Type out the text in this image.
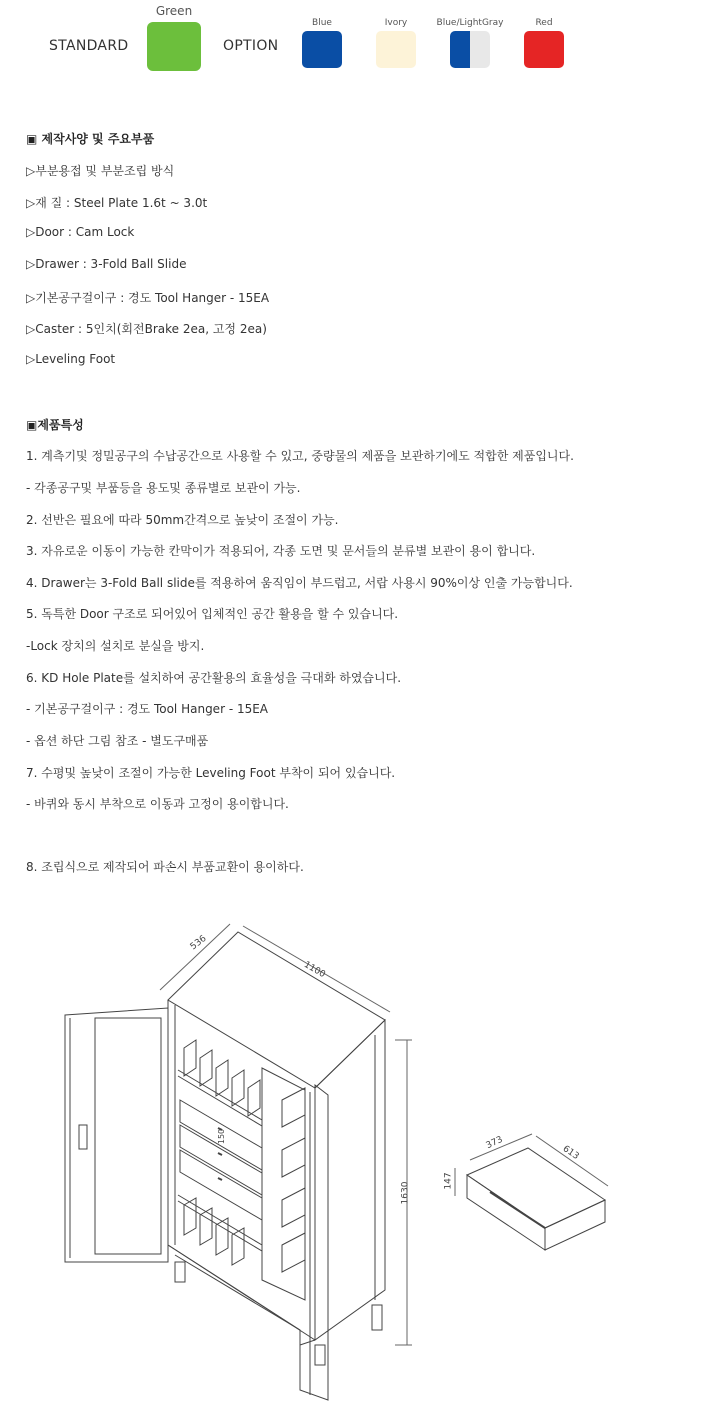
STANDARD
Green
OPTION
Blue	Ivory	Blue/LightGray	Red
▣ 제작사양 및 주요부품
▷부분용접 및 부분조립 방식
▷재 질 : Steel Plate 1.6t ~ 3.0t
▷Door : Cam Lock
▷Drawer : 3-Fold Ball Slide
▷기본공구걸이구 : 경도 Tool Hanger - 15EA
▷Caster : 5인치(회전Brake 2ea, 고정 2ea)
▷Leveling Foot
▣제품특성
1. 계측기및 정밀공구의 수납공간으로 사용할 수 있고, 중량물의 제품을 보관하기에도 적합한 제품입니다.
- 각종공구및 부품등을 용도및 종류별로 보관이 가능.
2. 선반은 필요에 따라 50mm간격으로 높낮이 조절이 가능.
3. 자유로운 이동이 가능한 칸막이가 적용되어, 각종 도면 및 문서들의 분류별 보관이 용이 합니다.
4. Drawer는 3-Fold Ball slide를 적용하여 움직임이 부드럽고, 서랍 사용시 90%이상 인출 가능합니다.
5. 독특한 Door 구조로 되어있어 입체적인 공간 활용을 할 수 있습니다.
-Lock 장치의 설치로 분실을 방지.
6. KD Hole Plate를 설치하여 공간활용의 효율성을 극대화 하였습니다.
- 기본공구걸이구 : 경도 Tool Hanger - 15EA
- 옵션 하단 그림 참조 - 별도구매품
7. 수평및 높낮이 조절이 가능한 Leveling Foot 부착이 되어 있습니다.
- 바퀴와 동시 부착으로 이동과 고정이 용이합니다.
8. 조립식으로 제작되어 파손시 부품교환이 용이하다.
536
1100
1630
373
613
147
150
